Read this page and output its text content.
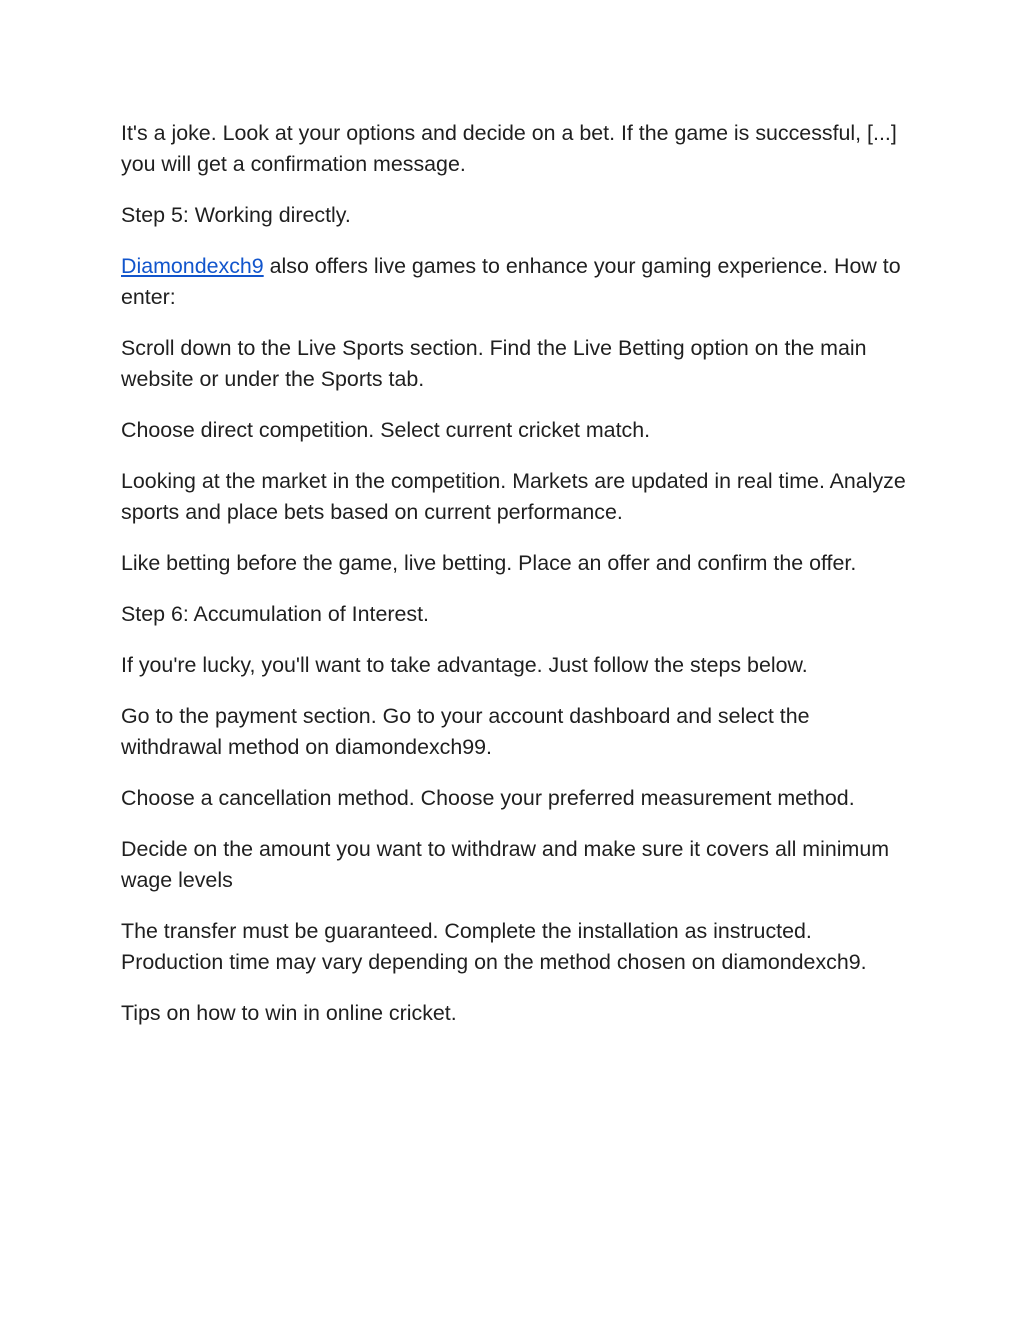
It's a joke. Look at your options and decide on a bet. If the game is successful, [...] you will get a confirmation message.

Step 5: Working directly.

Diamondexch9 also offers live games to enhance your gaming experience. How to enter:

Scroll down to the Live Sports section. Find the Live Betting option on the main website or under the Sports tab.

Choose direct competition. Select current cricket match.

Looking at the market in the competition. Markets are updated in real time. Analyze sports and place bets based on current performance.

Like betting before the game, live betting. Place an offer and confirm the offer.

Step 6: Accumulation of Interest.

If you're lucky, you'll want to take advantage. Just follow the steps below.

Go to the payment section. Go to your account dashboard and select the withdrawal method on diamondexch99.

Choose a cancellation method. Choose your preferred measurement method.

Decide on the amount you want to withdraw and make sure it covers all minimum wage levels

The transfer must be guaranteed. Complete the installation as instructed. Production time may vary depending on the method chosen on diamondexch9.

Tips on how to win in online cricket.
